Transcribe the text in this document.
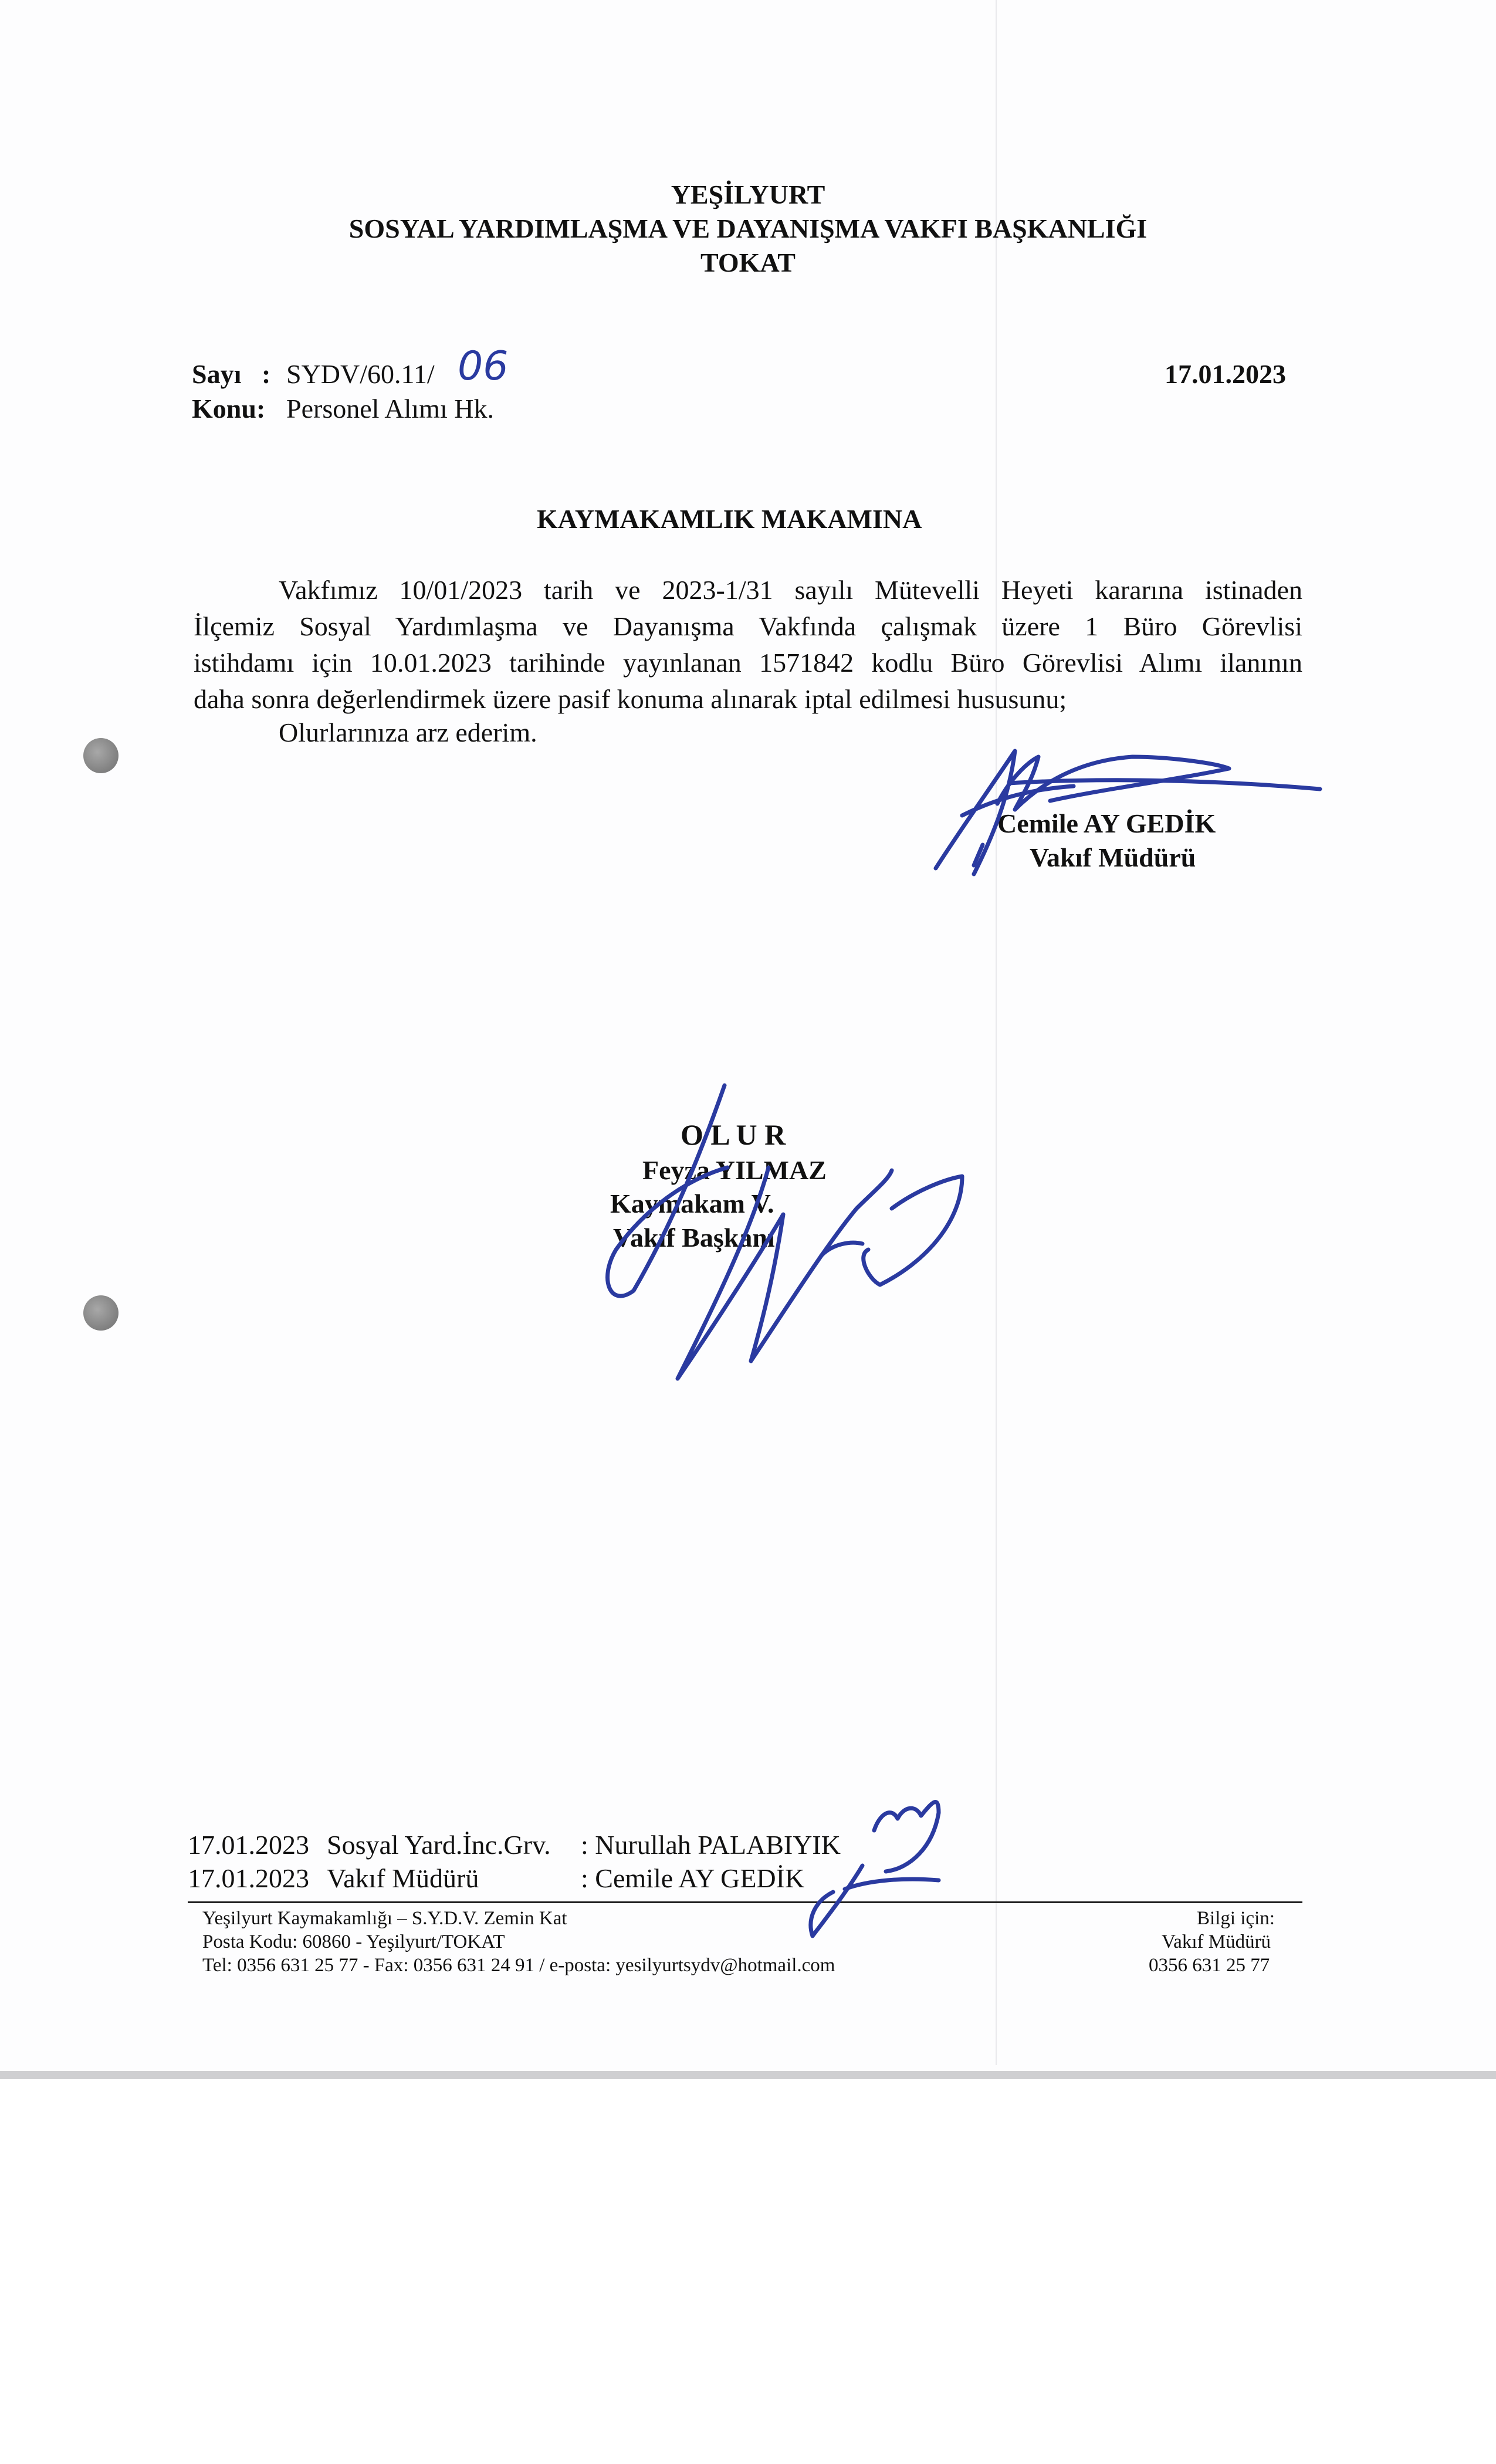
YEŞİLYURT
SOSYAL YARDIMLAŞMA VE DAYANIŞMA VAKFI BAŞKANLIĞI
TOKAT
Sayı : SYDV/60.11/ 06
Konu: Personel Alımı Hk.
17.01.2023
KAYMAKAMLIK MAKAMINA
Vakfımız 10/01/2023 tarih ve 2023-1/31 sayılı Mütevelli Heyeti kararına istinaden
İlçemiz Sosyal Yardımlaşma ve Dayanışma Vakfında çalışmak üzere 1 Büro Görevlisi
istihdamı için 10.01.2023 tarihinde yayınlanan 1571842 kodlu Büro Görevlisi Alımı ilanının
daha sonra değerlendirmek üzere pasif konuma alınarak iptal edilmesi hususunu;
Olurlarınıza arz ederim.
Cemile AY GEDİK
Vakıf Müdürü
O L U R
Feyza YILMAZ
Kaymakam V.
Vakıf Başkanı
17.01.2023 Sosyal Yard.İnc.Grv. : Nurullah PALABIYIK
17.01.2023 Vakıf Müdürü	: Cemile AY GEDİK
Yeşilyurt Kaymakamlığı – S.Y.D.V. Zemin Kat
Posta Kodu: 60860 - Yeşilyurt/TOKAT
Tel: 0356 631 25 77 - Fax: 0356 631 24 91 / e-posta: yesilyurtsydv@hotmail.com
Bilgi için:
Vakıf Müdürü
0356 631 25 77
